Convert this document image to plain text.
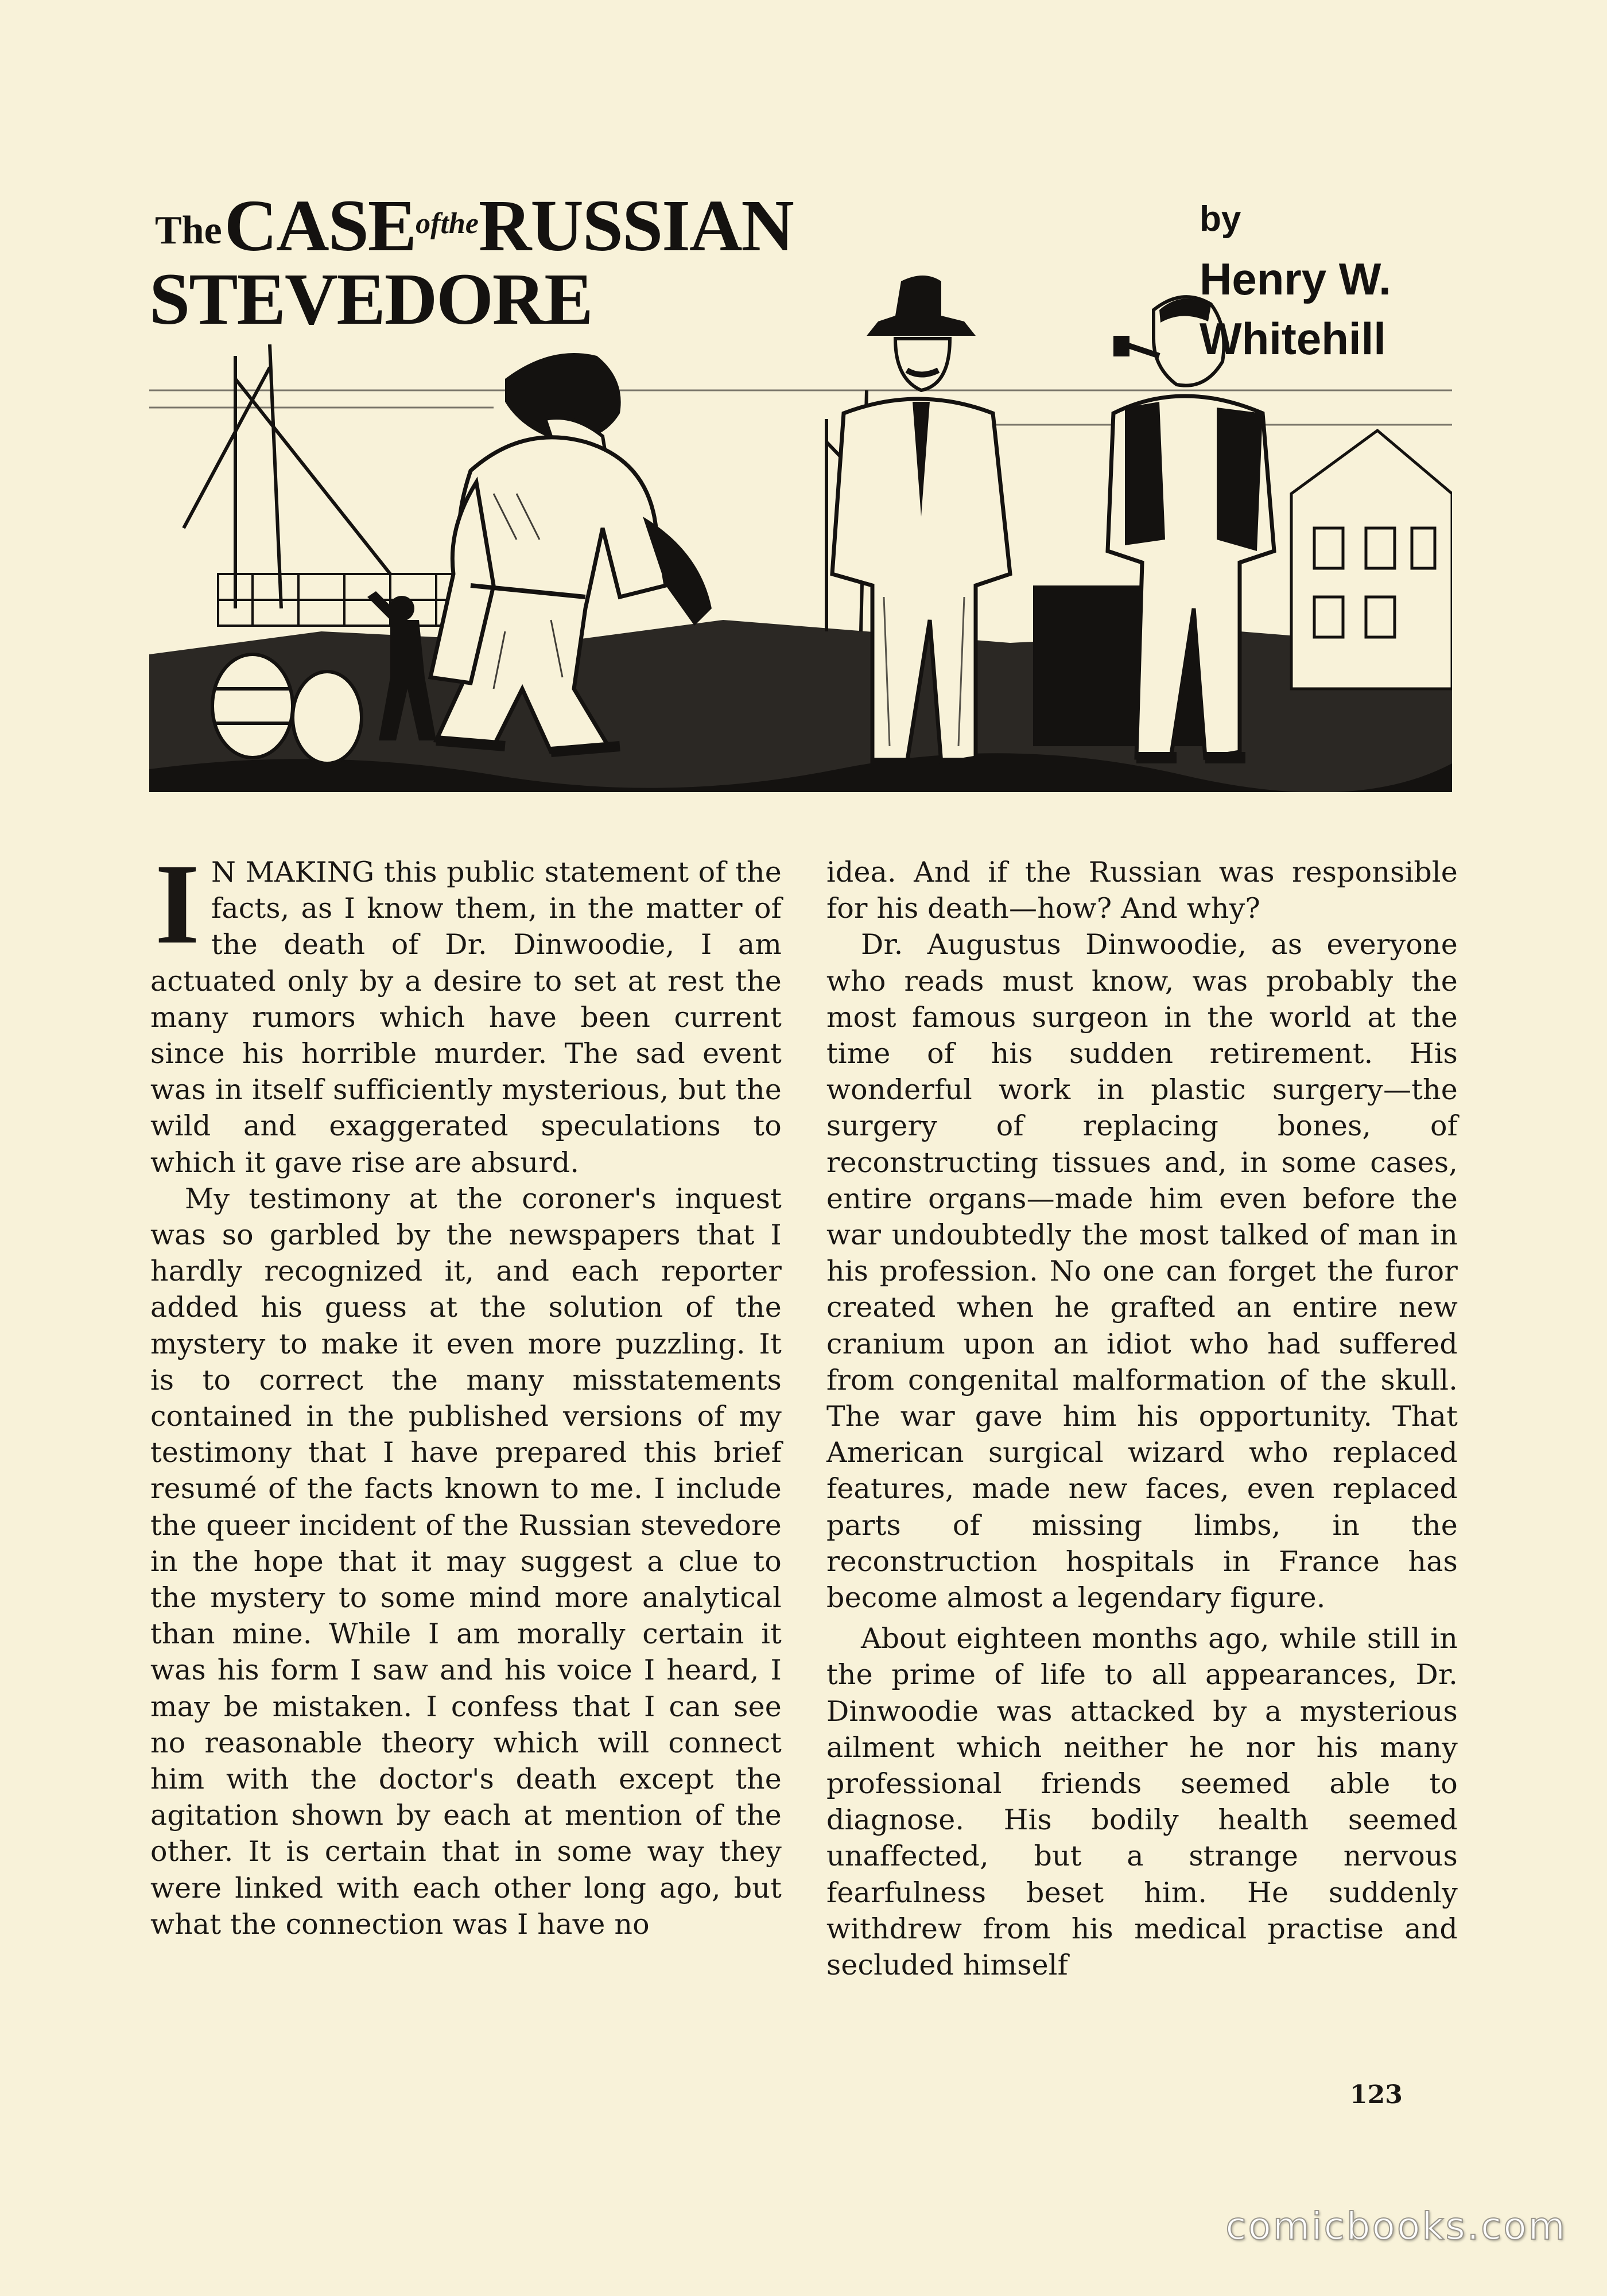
The CASEoftheRUSSIAN
STEVEDORE
by
Henry W.
Whitehill

I N MAKING this public statement of the facts, as I know them, in the matter of the death of Dr. Dinwoodie, I am actuated only by a desire to set at rest the many rumors which have been current since his horrible murder. The sad event was in itself sufficiently mysterious, but the wild and exaggerated speculations to which it gave rise are absurd.

My testimony at the coroner's inquest was so garbled by the newspapers that I hardly recognized it, and each reporter added his guess at the solution of the mystery to make it even more puzzling. It is to correct the many misstatements contained in the published versions of my testimony that I have prepared this brief resumé of the facts known to me. I include the queer incident of the Russian stevedore in the hope that it may suggest a clue to the mystery to some mind more analytical than mine. While I am morally certain it was his form I saw and his voice I heard, I may be mistaken. I confess that I can see no reasonable theory which will connect him with the doctor's death except the agitation shown by each at mention of the other. It is certain that in some way they were linked with each other long ago, but what the connection was I have no

idea. And if the Russian was responsible for his death—how? And why?

Dr. Augustus Dinwoodie, as everyone who reads must know, was probably the most famous surgeon in the world at the time of his sudden retirement. His wonderful work in plastic surgery—the surgery of replacing bones, of reconstructing tissues and, in some cases, entire organs—made him even before the war undoubtedly the most talked of man in his profession. No one can forget the furor created when he grafted an entire new cranium upon an idiot who had suffered from congenital malformation of the skull. The war gave him his opportunity. That American surgical wizard who replaced features, made new faces, even replaced parts of missing limbs, in the reconstruction hospitals in France has become almost a legendary figure.

About eighteen months ago, while still in the prime of life to all appearances, Dr. Dinwoodie was attacked by a mysterious ailment which neither he nor his many professional friends seemed able to diagnose. His bodily health seemed unaffected, but a strange nervous fearfulness beset him. He suddenly withdrew from his medical practise and secluded himself

123
comicbooks.com
